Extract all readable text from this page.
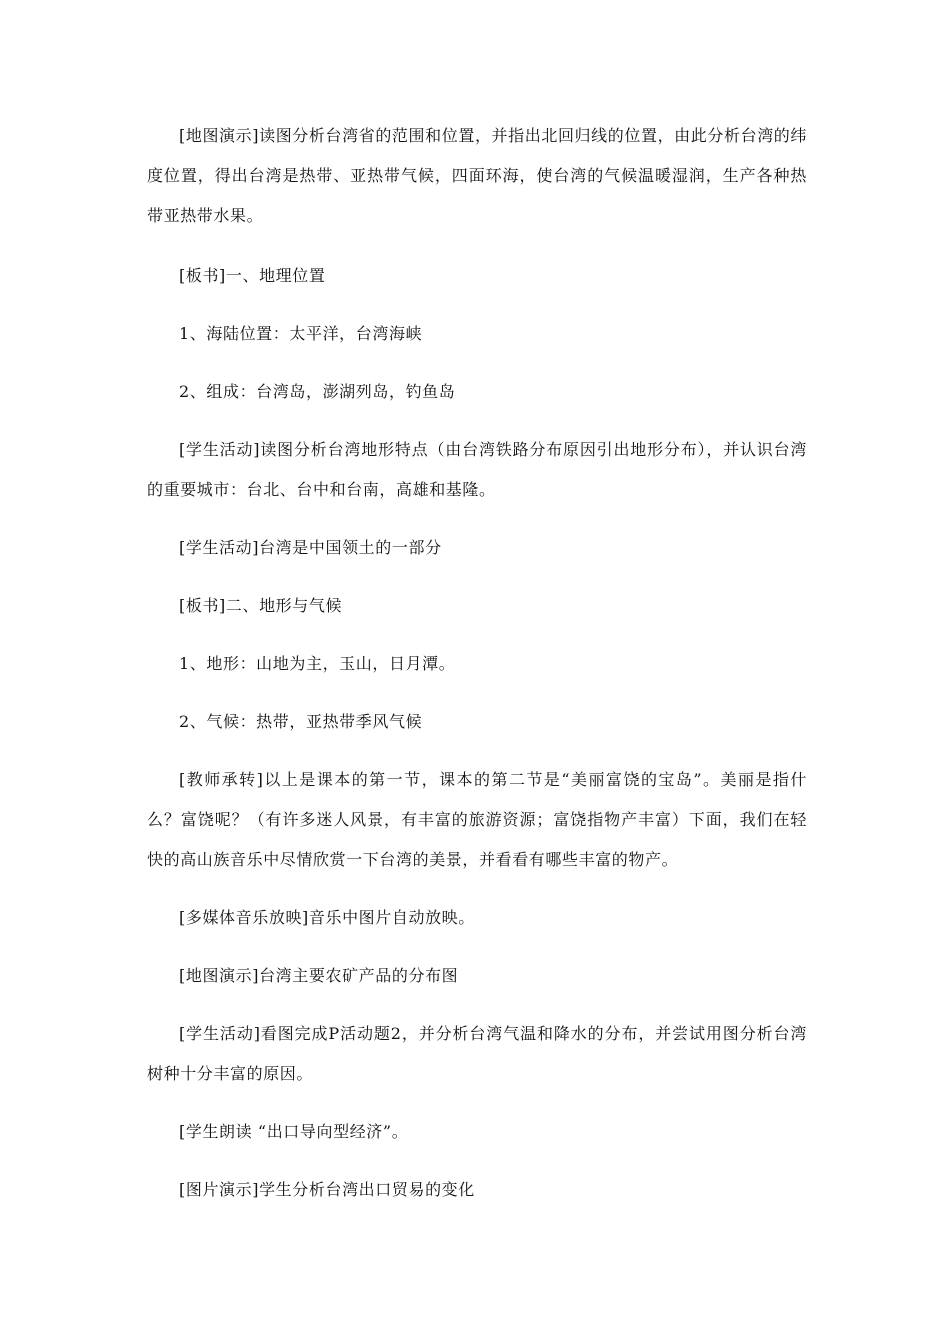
[地图演示]读图分析台湾省的范围和位置，并指出北回归线的位置，由此分析台湾的纬度位置，得出台湾是热带、亚热带气候，四面环海，使台湾的气候温暖湿润，生产各种热带亚热带水果。

[板书]一、地理位置

1、海陆位置：太平洋，台湾海峡

2、组成：台湾岛，澎湖列岛，钓鱼岛

[学生活动]读图分析台湾地形特点（由台湾铁路分布原因引出地形分布），并认识台湾的重要城市：台北、台中和台南，高雄和基隆。

[学生活动]台湾是中国领土的一部分

[板书]二、地形与气候

1、地形：山地为主，玉山，日月潭。

2、气候：热带，亚热带季风气候

[教师承转]以上是课本的第一节，课本的第二节是“美丽富饶的宝岛”。美丽是指什么？富饶呢？（有许多迷人风景，有丰富的旅游资源；富饶指物产丰富）下面，我们在轻快的高山族音乐中尽情欣赏一下台湾的美景，并看看有哪些丰富的物产。

[多媒体音乐放映]音乐中图片自动放映。

[地图演示]台湾主要农矿产品的分布图

[学生活动]看图完成P活动题2，并分析台湾气温和降水的分布，并尝试用图分析台湾树种十分丰富的原因。

[学生朗读 “出口导向型经济”。

[图片演示]学生分析台湾出口贸易的变化
